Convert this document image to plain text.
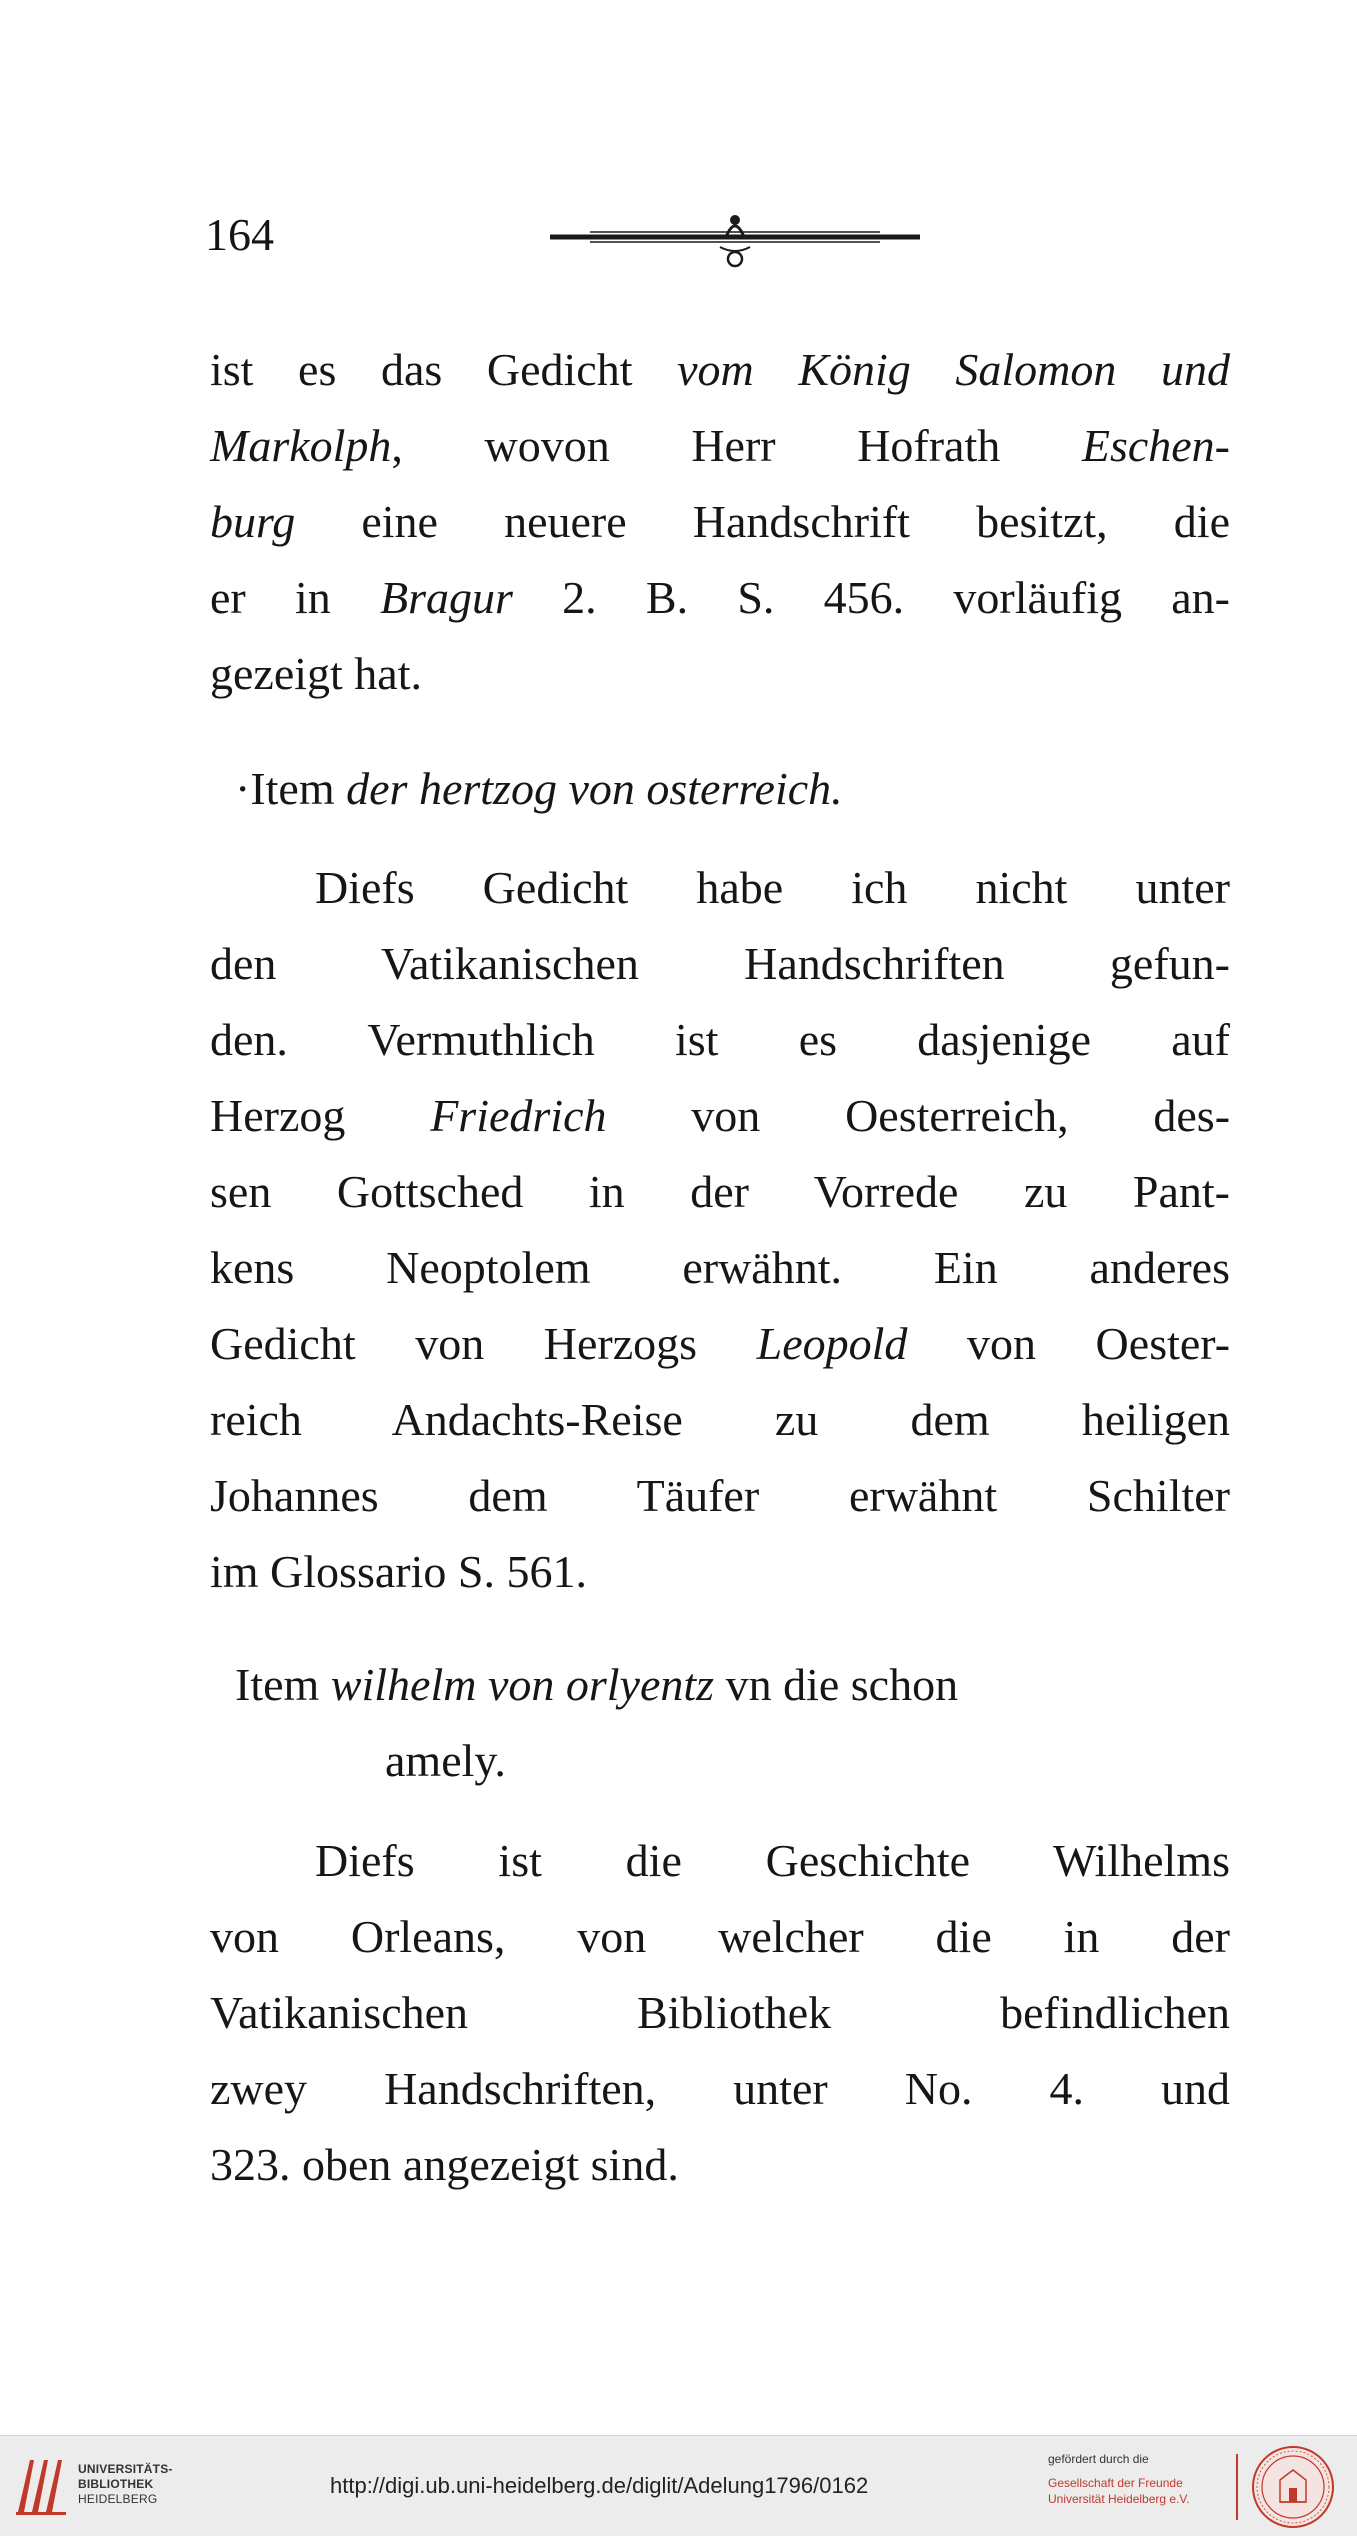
164
ist es das Gedicht vom König Salomon und
Markolph, wovon Herr Hofrath Eschen-
burg eine neuere Handschrift besitzt, die
er in Bragur 2. B. S. 456. vorläufig an-
gezeigt hat.
·Item der hertzog von osterreich.
Diefs Gedicht habe ich nicht unter
den Vatikanischen Handschriften gefun-
den. Vermuthlich ist es dasjenige auf
Herzog Friedrich von Oesterreich, des-
sen Gottsched in der Vorrede zu Pant-
kens Neoptolem erwähnt. Ein anderes
Gedicht von Herzogs Leopold von Oester-
reich Andachts-Reise zu dem heiligen
Johannes dem Täufer erwähnt Schilter
im Glossario S. 561.
Item wilhelm von orlyentz vn die schon
amely.
Diefs ist die Geschichte Wilhelms
von Orleans, von welcher die in der
Vatikanischen Bibliothek befindlichen
zwey Handschriften, unter No. 4. und
323. oben angezeigt sind.
UNIVERSITÄTS-
BIBLIOTHEK
HEIDELBERG
http://digi.ub.uni-heidelberg.de/diglit/Adelung1796/0162
gefördert durch die
Gesellschaft der Freunde
Universität Heidelberg e.V.
